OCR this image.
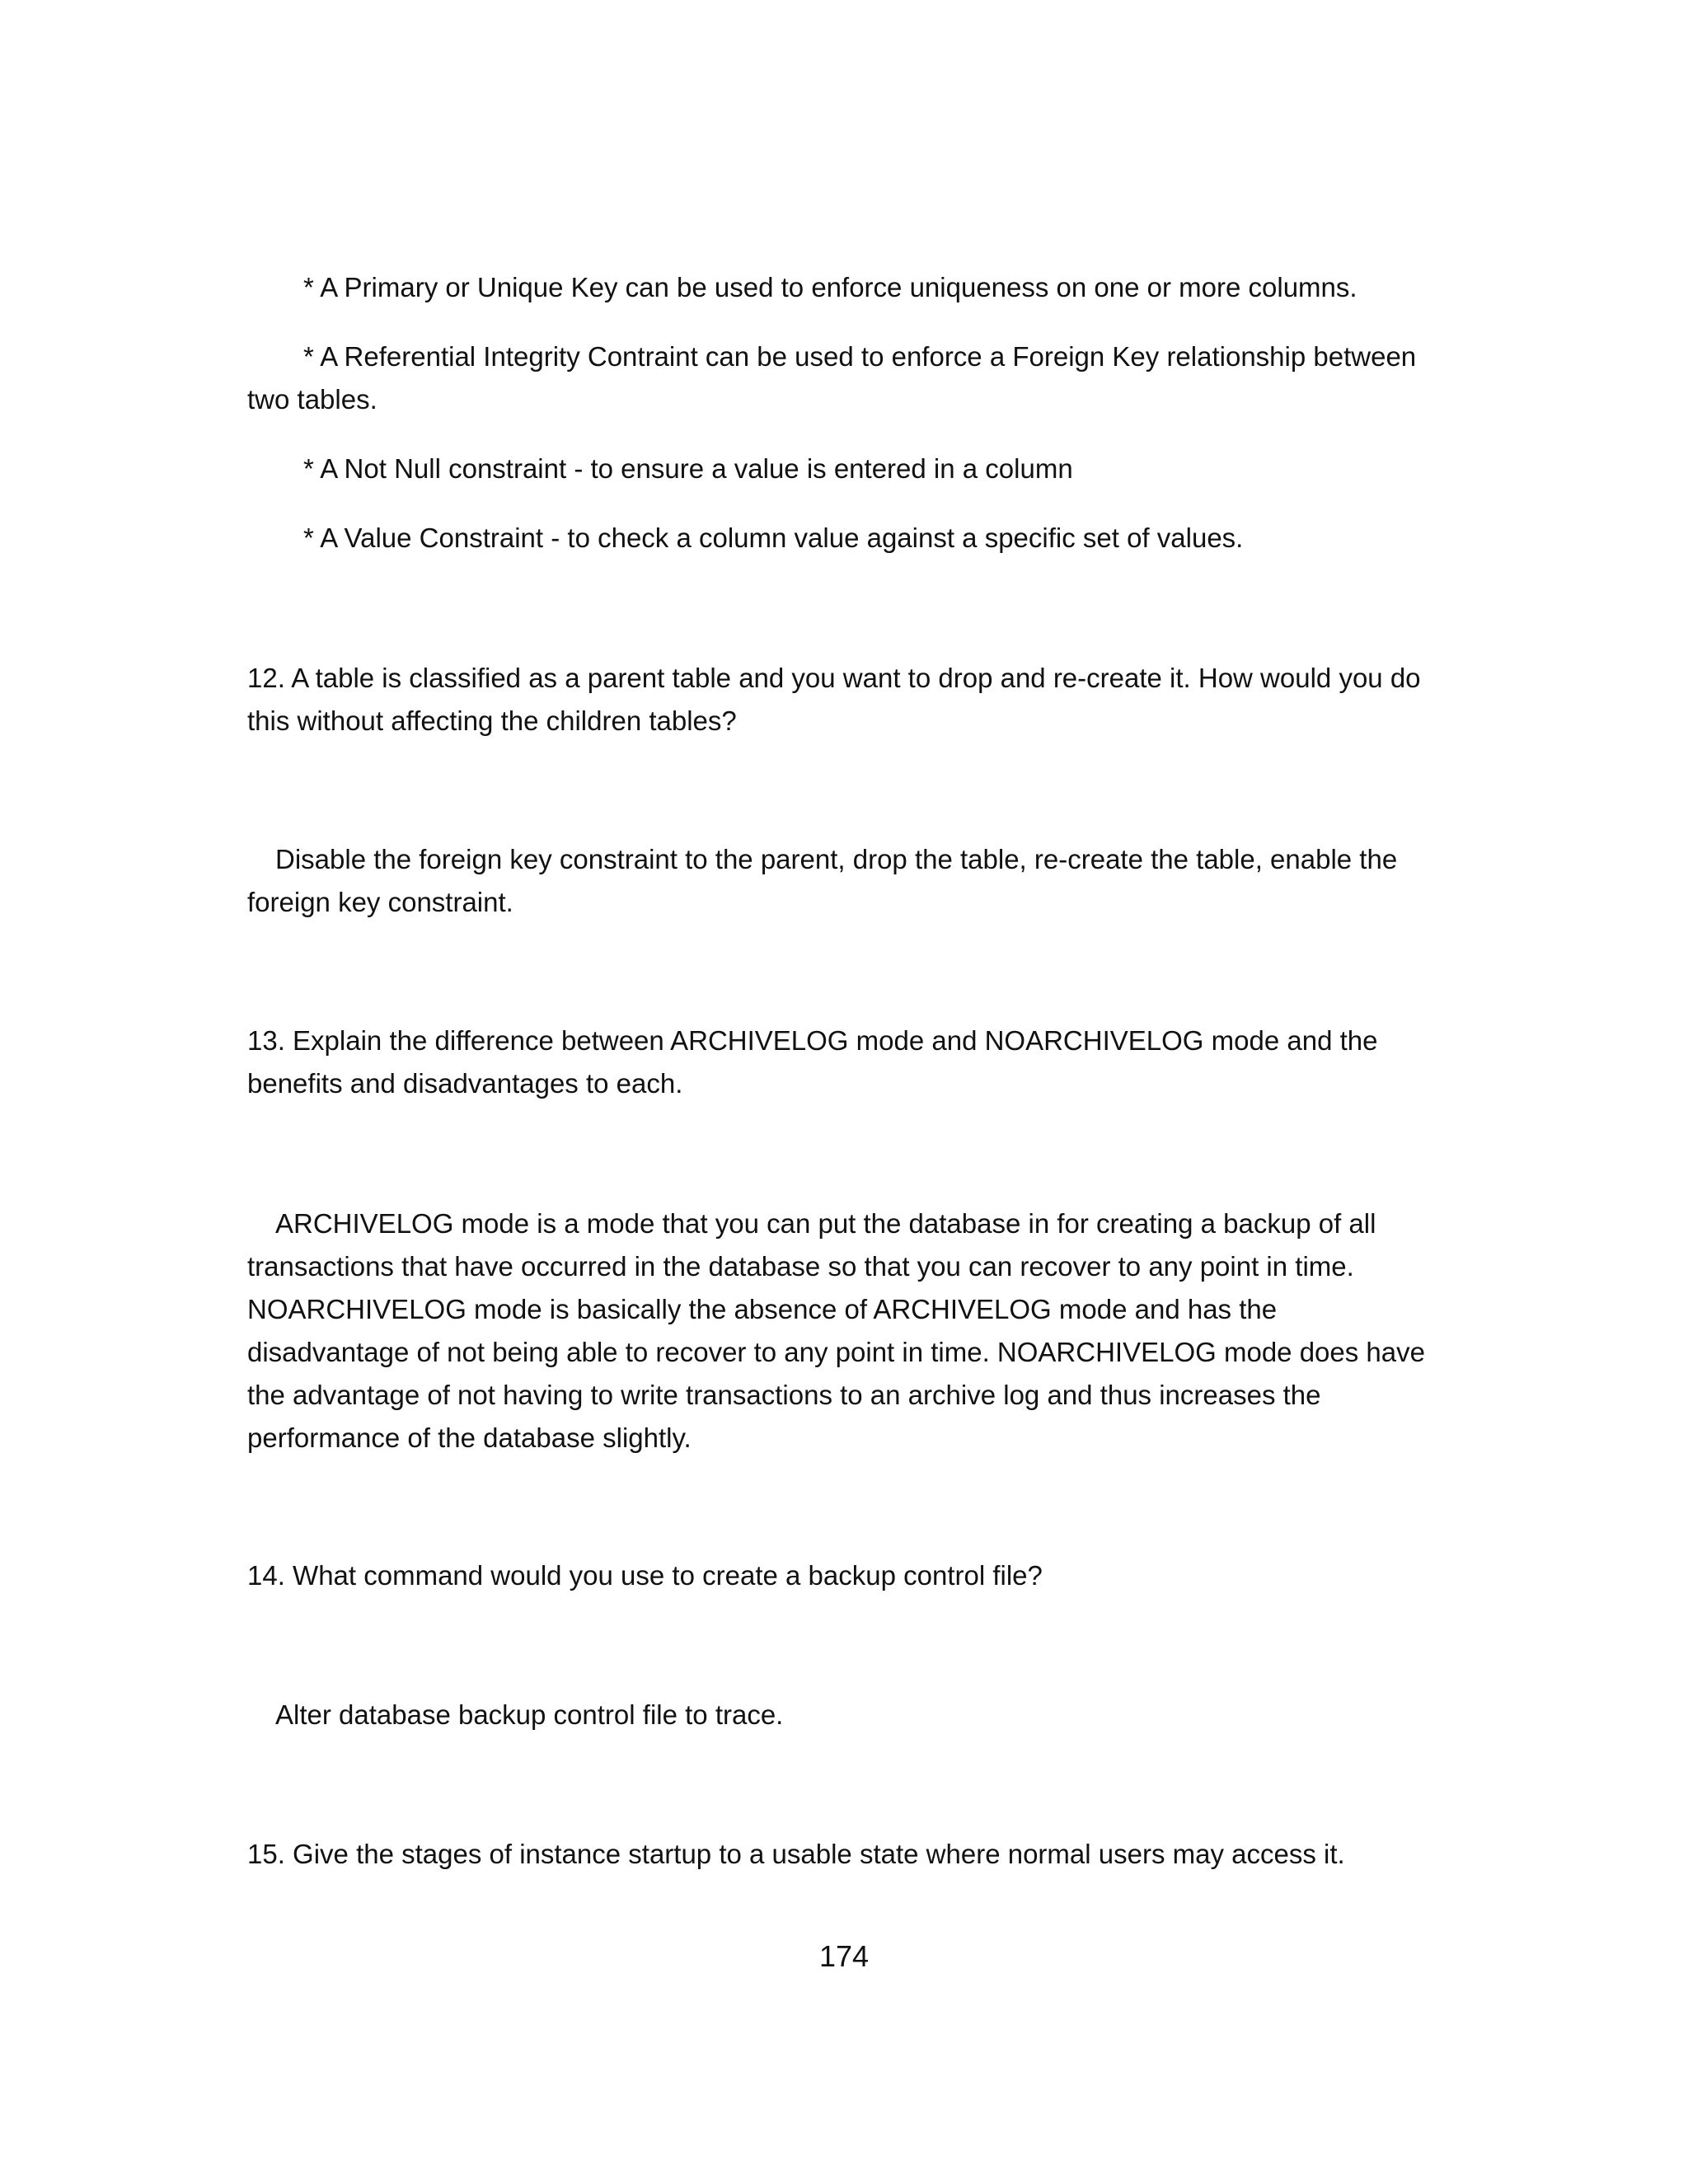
* A Primary or Unique Key can be used to enforce uniqueness on one or more columns.

* A Referential Integrity Contraint can be used to enforce a Foreign Key relationship between two tables.

* A Not Null constraint - to ensure a value is entered in a column

* A Value Constraint - to check a column value against a specific set of values.

12. A table is classified as a parent table and you want to drop and re-create it. How would you do this without affecting the children tables?

Disable the foreign key constraint to the parent, drop the table, re-create the table, enable the foreign key constraint.

13. Explain the difference between ARCHIVELOG mode and NOARCHIVELOG mode and the benefits and disadvantages to each.

ARCHIVELOG mode is a mode that you can put the database in for creating a backup of all transactions that have occurred in the database so that you can recover to any point in time. NOARCHIVELOG mode is basically the absence of ARCHIVELOG mode and has the disadvantage of not being able to recover to any point in time. NOARCHIVELOG mode does have the advantage of not having to write transactions to an archive log and thus increases the performance of the database slightly.

14. What command would you use to create a backup control file?

Alter database backup control file to trace.

15. Give the stages of instance startup to a usable state where normal users may access it.

174
